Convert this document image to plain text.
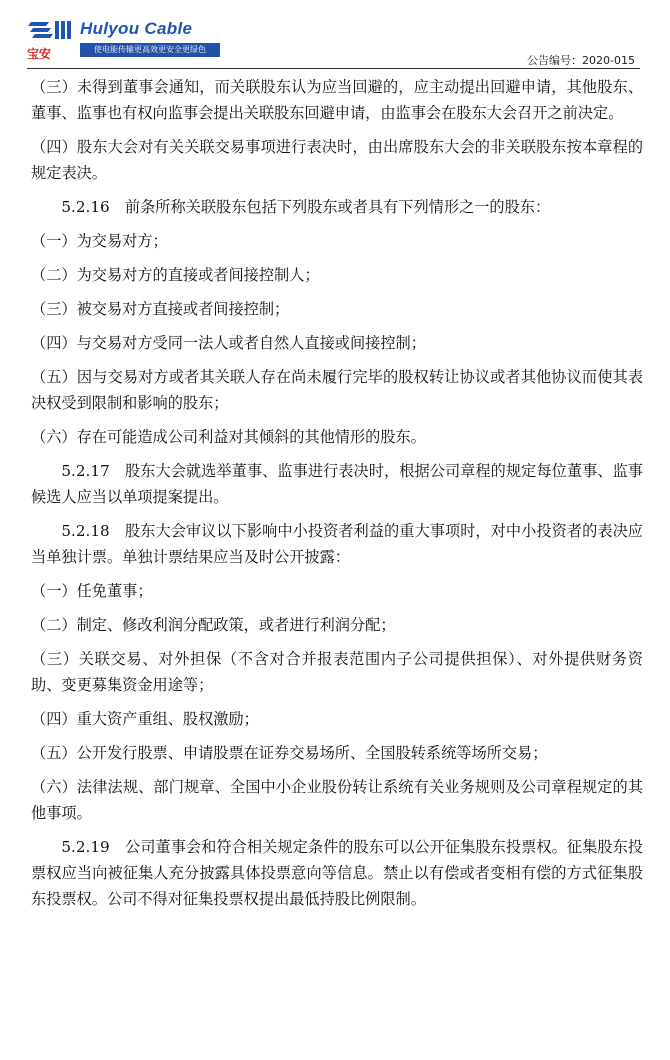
宝安
Hulyou Cable
使电能传输更高效更安全更绿色
公告编号：2020-015

（三）未得到董事会通知，而关联股东认为应当回避的，应主动提出回避申请，其他股东、董事、监事也有权向监事会提出关联股东回避申请，由监事会在股东大会召开之前决定。

（四）股东大会对有关关联交易事项进行表决时，由出席股东大会的非关联股东按本章程的规定表决。

5.2.16　前条所称关联股东包括下列股东或者具有下列情形之一的股东：

（一）为交易对方；

（二）为交易对方的直接或者间接控制人；

（三）被交易对方直接或者间接控制；

（四）与交易对方受同一法人或者自然人直接或间接控制；

（五）因与交易对方或者其关联人存在尚未履行完毕的股权转让协议或者其他协议而使其表决权受到限制和影响的股东；

（六）存在可能造成公司利益对其倾斜的其他情形的股东。

5.2.17　股东大会就选举董事、监事进行表决时，根据公司章程的规定每位董事、监事候选人应当以单项提案提出。

5.2.18　股东大会审议以下影响中小投资者利益的重大事项时，对中小投资者的表决应当单独计票。单独计票结果应当及时公开披露：

（一）任免董事；

（二）制定、修改利润分配政策，或者进行利润分配；

（三）关联交易、对外担保（不含对合并报表范围内子公司提供担保）、对外提供财务资助、变更募集资金用途等；

（四）重大资产重组、股权激励；

（五）公开发行股票、申请股票在证券交易场所、全国股转系统等场所交易；

（六）法律法规、部门规章、全国中小企业股份转让系统有关业务规则及公司章程规定的其他事项。

5.2.19　公司董事会和符合相关规定条件的股东可以公开征集股东投票权。征集股东投票权应当向被征集人充分披露具体投票意向等信息。禁止以有偿或者变相有偿的方式征集股东投票权。公司不得对征集投票权提出最低持股比例限制。
